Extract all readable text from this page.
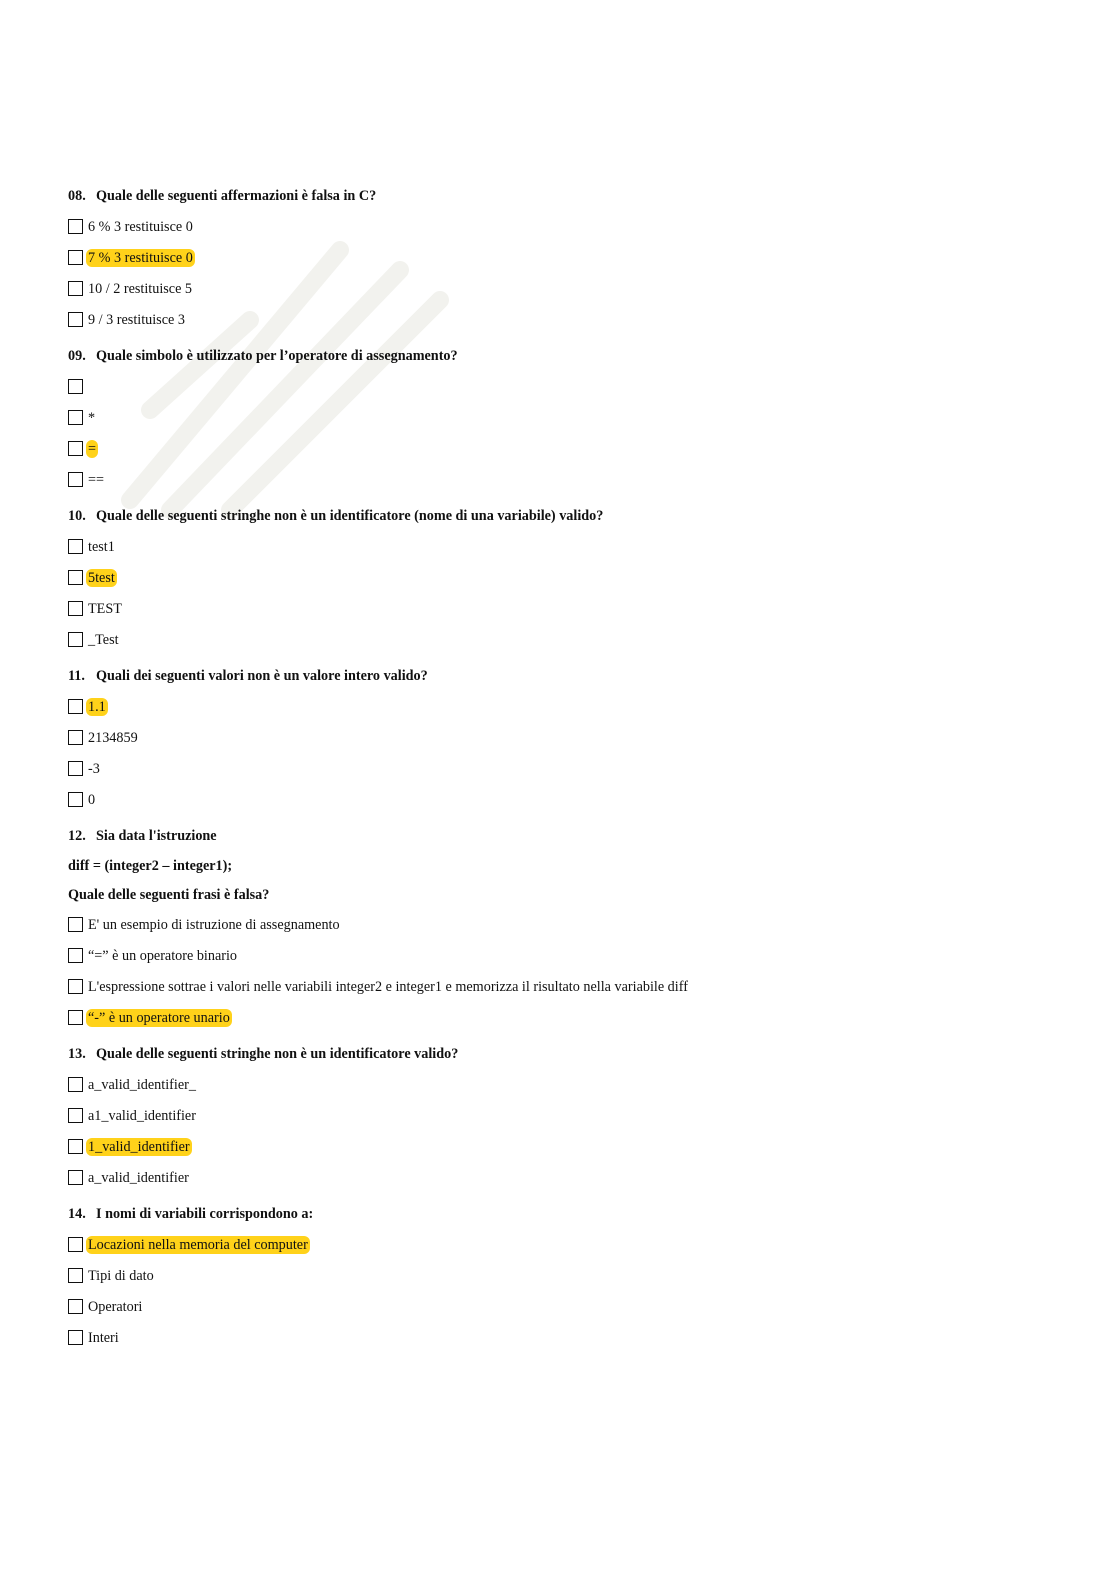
08. Quale delle seguenti affermazioni è falsa in C?
6 % 3 restituisce 0
7 % 3 restituisce 0
10 / 2 restituisce 5
9 / 3 restituisce 3
09. Quale simbolo è utilizzato per l’operatore di assegnamento?
*
=
==
10. Quale delle seguenti stringhe non è un identificatore (nome di una variabile) valido?
test1
5test
TEST
_Test
11. Quali dei seguenti valori non è un valore intero valido?
1.1
2134859
-3
0
12. Sia data l'istruzione
diff = (integer2 – integer1);
Quale delle seguenti frasi è falsa?
E' un esempio di istruzione di assegnamento
“=” è un operatore binario
L'espressione sottrae i valori nelle variabili integer2 e integer1 e memorizza il risultato nella variabile diff
“-” è un operatore unario
13. Quale delle seguenti stringhe non è un identificatore valido?
a_valid_identifier_
a1_valid_identifier
1_valid_identifier
a_valid_identifier
14. I nomi di variabili corrispondono a:
Locazioni nella memoria del computer
Tipi di dato
Operatori
Interi
